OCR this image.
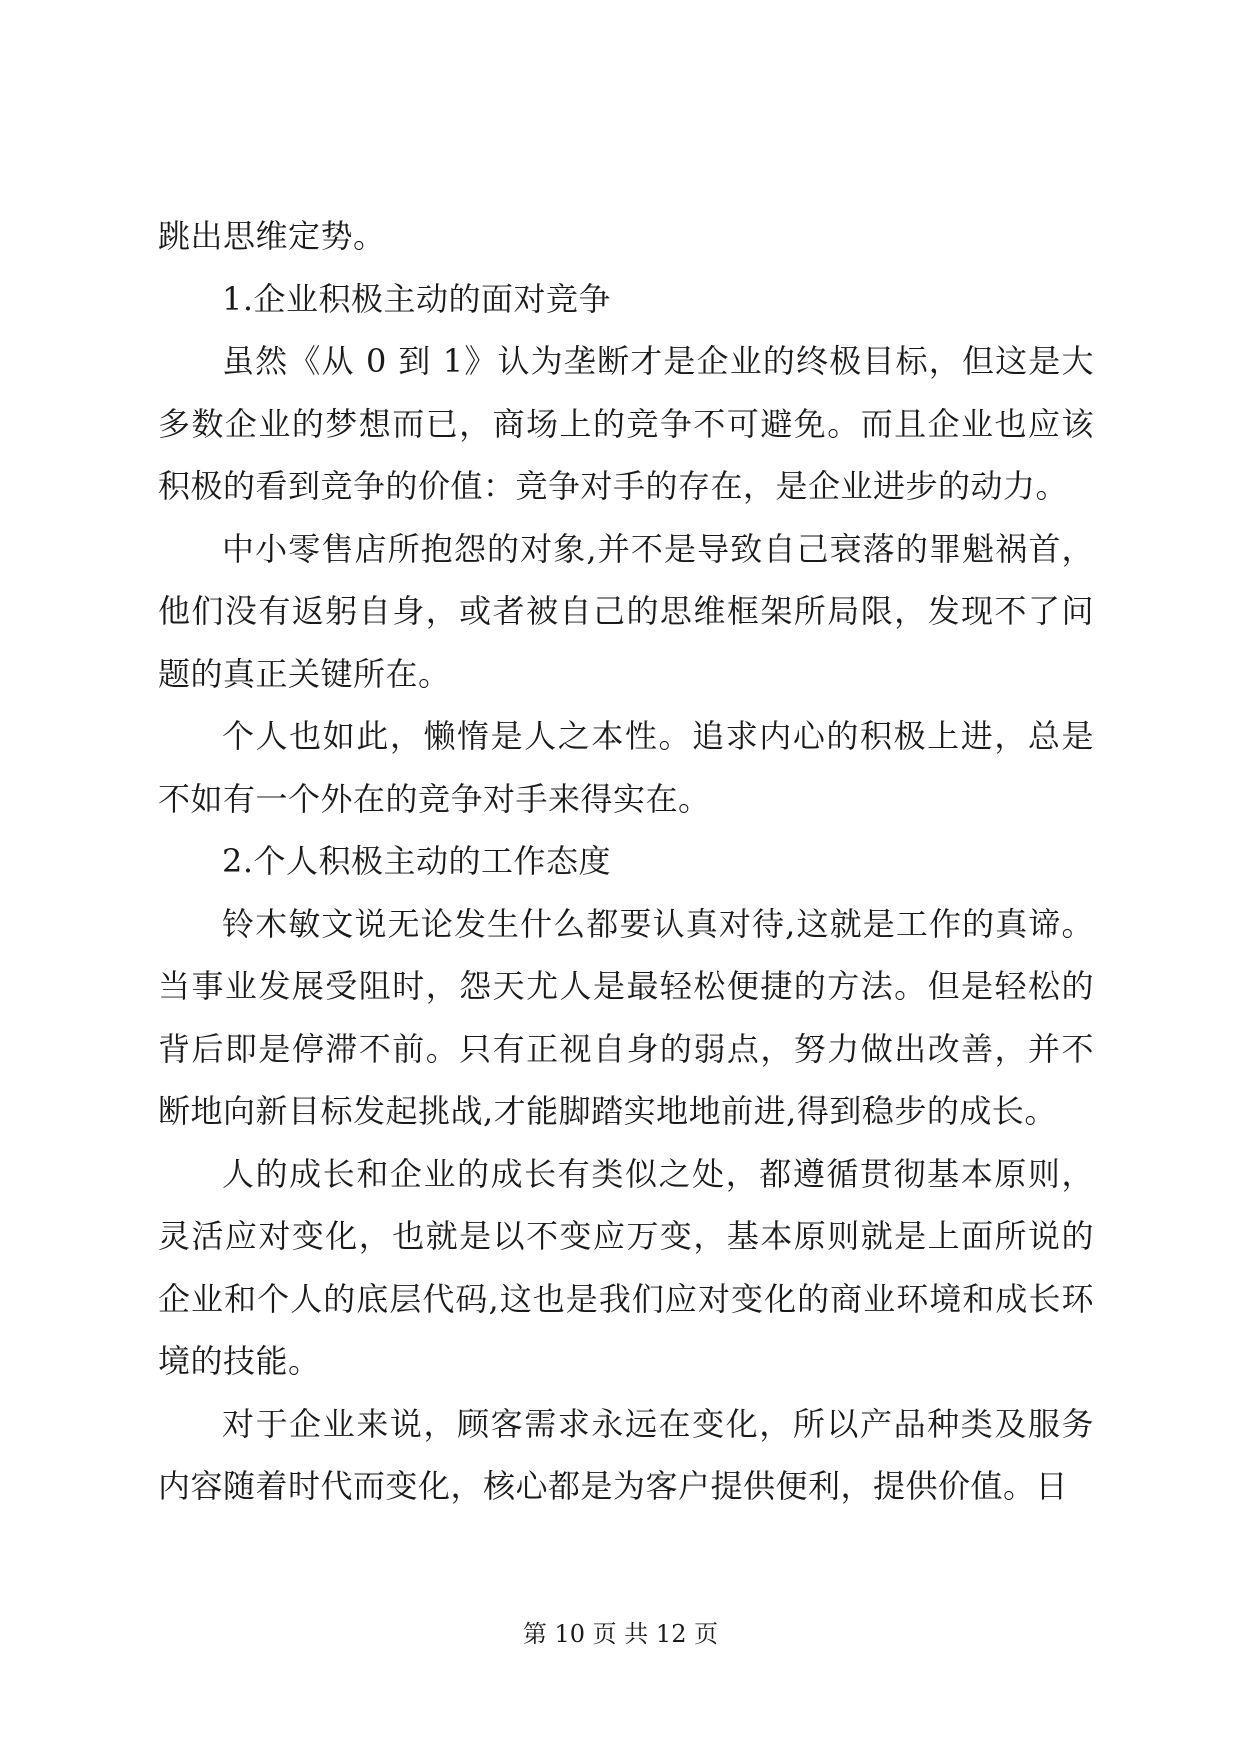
跳出思维定势。

1.企业积极主动的面对竞争

虽然《从 0 到 1》认为垄断才是企业的终极目标，但这是大多数企业的梦想而已，商场上的竞争不可避免。而且企业也应该积极的看到竞争的价值：竞争对手的存在，是企业进步的动力。

中小零售店所抱怨的对象,并不是导致自己衰落的罪魁祸首，他们没有返躬自身，或者被自己的思维框架所局限，发现不了问题的真正关键所在。

个人也如此，懒惰是人之本性。追求内心的积极上进，总是不如有一个外在的竞争对手来得实在。

2.个人积极主动的工作态度

铃木敏文说无论发生什么都要认真对待,这就是工作的真谛。当事业发展受阻时，怨天尤人是最轻松便捷的方法。但是轻松的背后即是停滞不前。只有正视自身的弱点，努力做出改善，并不断地向新目标发起挑战,才能脚踏实地地前进,得到稳步的成长。

人的成长和企业的成长有类似之处，都遵循贯彻基本原则，灵活应对变化，也就是以不变应万变，基本原则就是上面所说的企业和个人的底层代码,这也是我们应对变化的商业环境和成长环境的技能。

对于企业来说，顾客需求永远在变化，所以产品种类及服务内容随着时代而变化，核心都是为客户提供便利，提供价值。日

第 10 页 共 12 页
